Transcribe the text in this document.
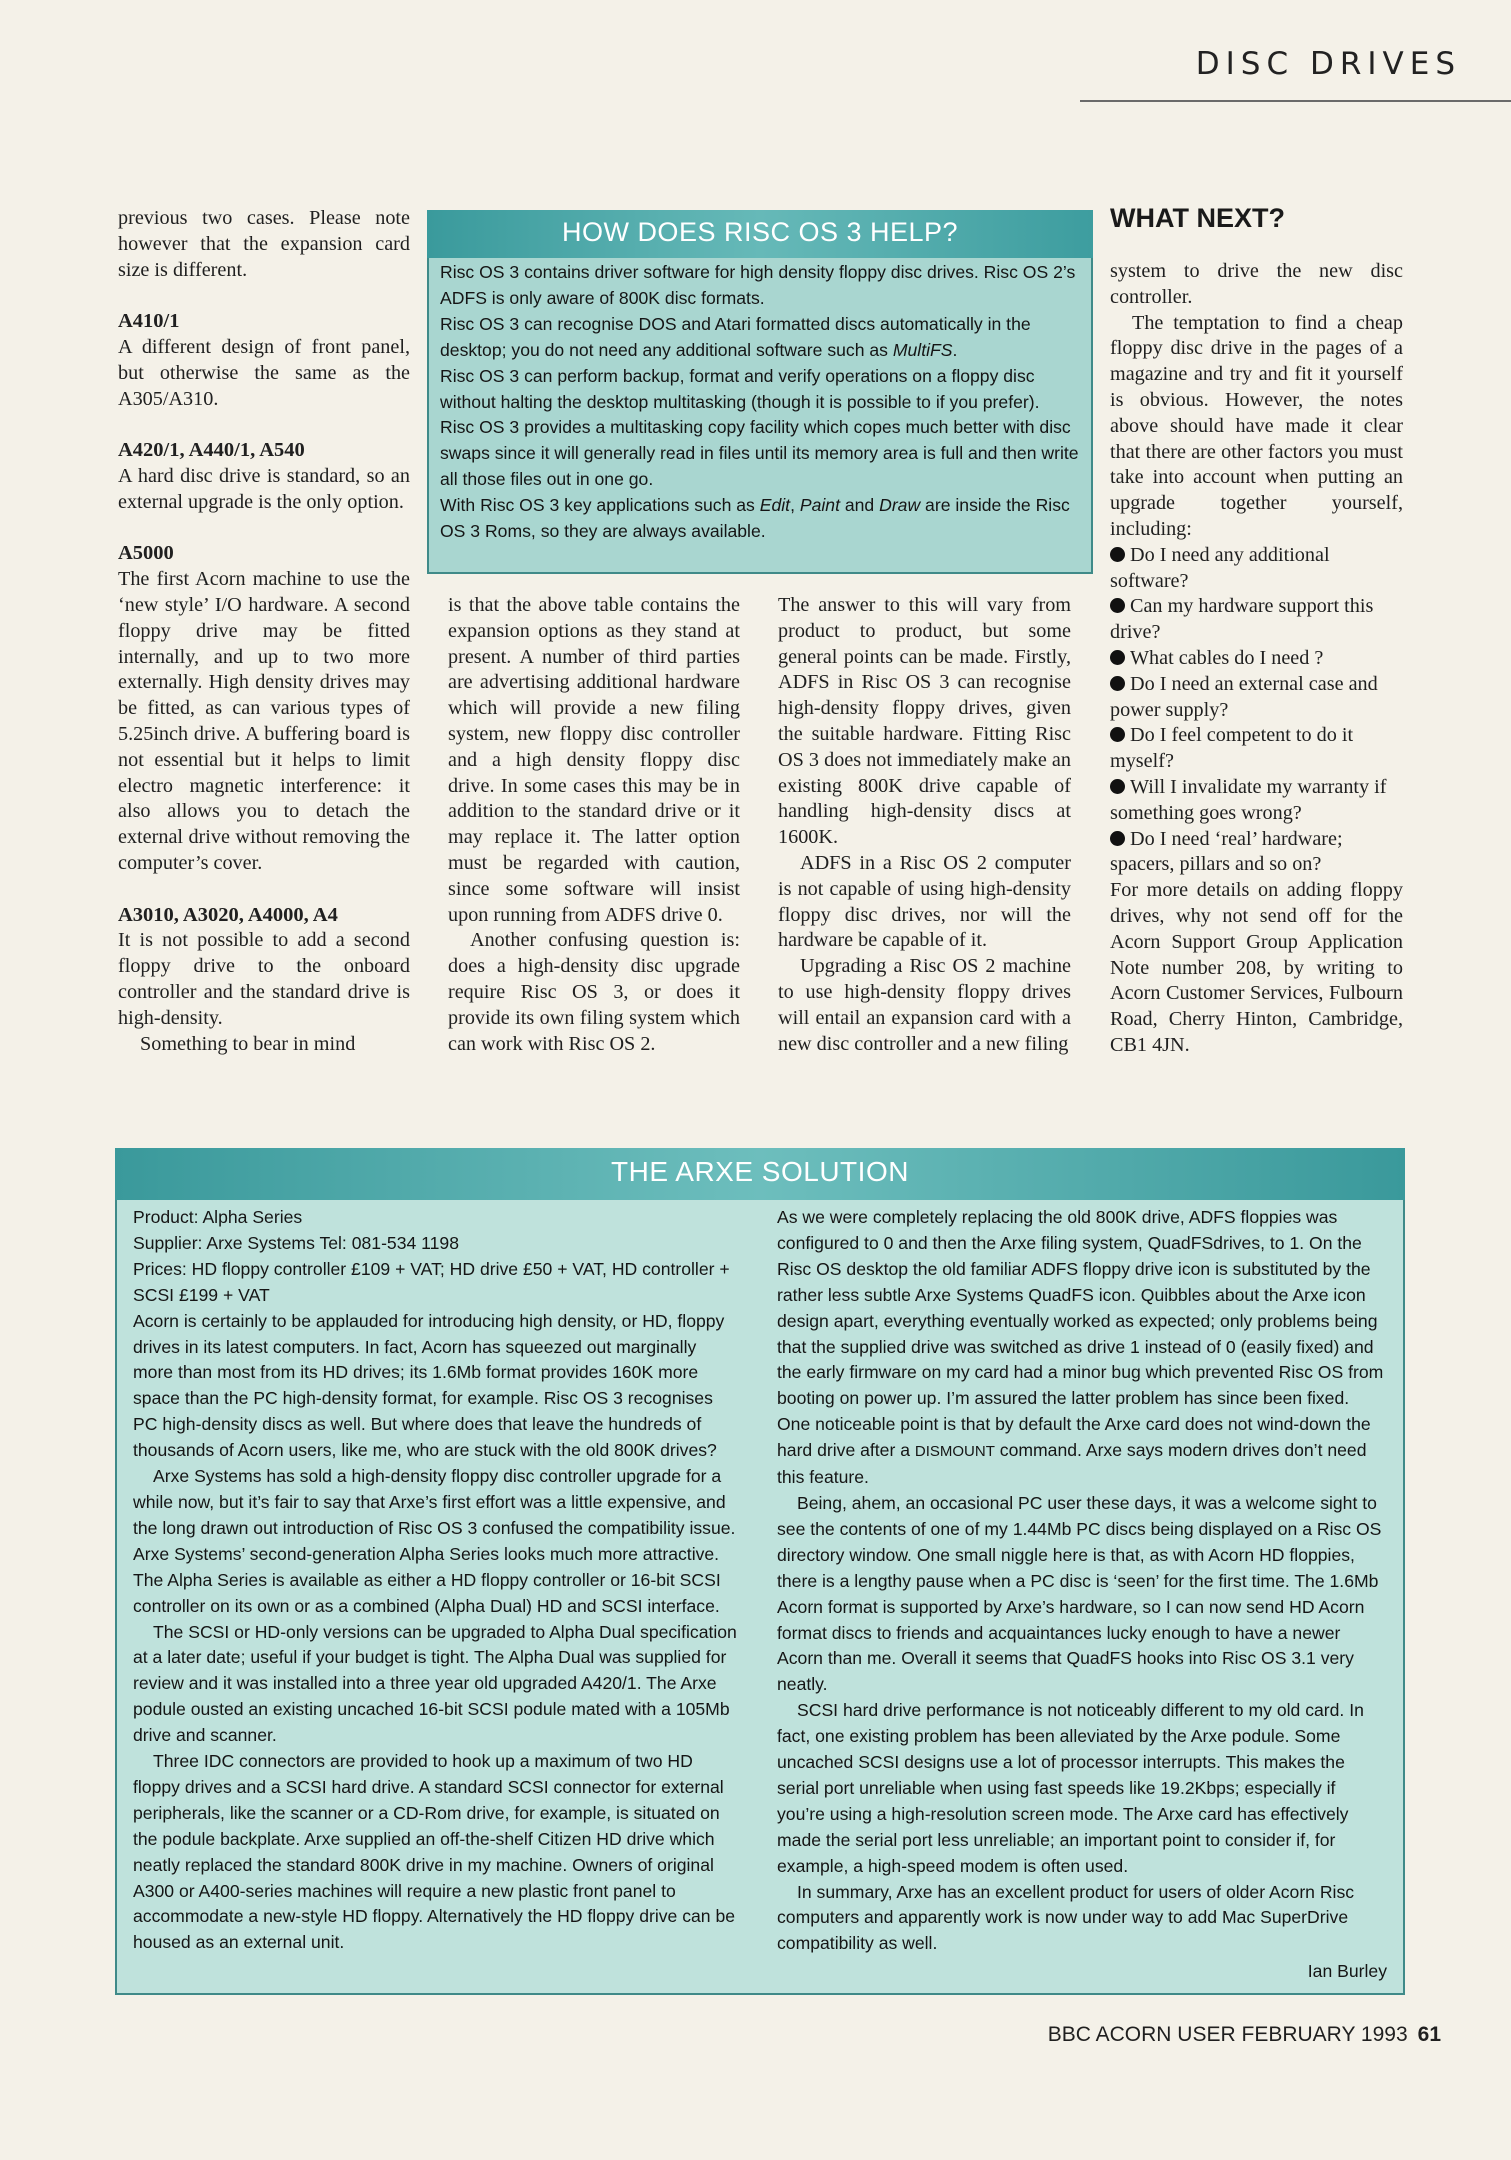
DISC DRIVES

previous two cases. Please note however that the expansion card size is different.

A410/1

A different design of front panel, but otherwise the same as the A305/A310.

A420/1, A440/1, A540

A hard disc drive is standard, so an external upgrade is the only option.

A5000

The first Acorn machine to use the ‘new style’ I/O hardware. A second floppy drive may be fitted internally, and up to two more externally. High density drives may be fitted, as can various types of 5.25inch drive. A buffering board is not essential but it helps to limit electro magnetic interference: it also allows you to detach the external drive without removing the computer’s cover.

A3010, A3020, A4000, A4

It is not possible to add a second floppy drive to the onboard controller and the standard drive is high-density.

Something to bear in mind

HOW DOES RISC OS 3 HELP?

Risc OS 3 contains driver software for high density floppy disc drives. Risc OS 2’s ADFS is only aware of 800K disc formats.

Risc OS 3 can recognise DOS and Atari formatted discs automatically in the desktop; you do not need any additional software such as MultiFS.

Risc OS 3 can perform backup, format and verify operations on a floppy disc without halting the desktop multitasking (though it is possible to if you prefer).

Risc OS 3 provides a multitasking copy facility which copes much better with disc swaps since it will generally read in files until its memory area is full and then write all those files out in one go.

With Risc OS 3 key applications such as Edit, Paint and Draw are inside the Risc OS 3 Roms, so they are always available.

is that the above table contains the expansion options as they stand at present. A number of third parties are advertising additional hardware which will provide a new filing system, new floppy disc controller and a high density floppy disc drive. In some cases this may be in addition to the standard drive or it may replace it. The latter option must be regarded with caution, since some software will insist upon running from ADFS drive 0.

Another confusing question is: does a high-density disc upgrade require Risc OS 3, or does it provide its own filing system which can work with Risc OS 2.

The answer to this will vary from product to product, but some general points can be made. Firstly, ADFS in Risc OS 3 can recognise high-density floppy drives, given the suitable hardware. Fitting Risc OS 3 does not immediately make an existing 800K drive capable of handling high-density discs at 1600K.

ADFS in a Risc OS 2 computer is not capable of using high-density floppy disc drives, nor will the hardware be capable of it.

Upgrading a Risc OS 2 machine to use high-density floppy drives will entail an expansion card with a new disc controller and a new filing

WHAT NEXT?

system to drive the new disc controller.

The temptation to find a cheap floppy disc drive in the pages of a magazine and try and fit it yourself is obvious. However, the notes above should have made it clear that there are other factors you must take into account when putting an upgrade together yourself, including:

Do I need any additional software?

Can my hardware support this drive?

What cables do I need ?

Do I need an external case and power supply?

Do I feel competent to do it myself?

Will I invalidate my warranty if something goes wrong?

Do I need ‘real’ hardware; spacers, pillars and so on?

For more details on adding floppy drives, why not send off for the Acorn Support Group Application Note number 208, by writing to Acorn Customer Services, Fulbourn Road, Cherry Hinton, Cambridge, CB1 4JN.

THE ARXE SOLUTION

Product: Alpha Series

Supplier: Arxe Systems Tel: 081-534 1198

Prices: HD floppy controller £109 + VAT; HD drive £50 + VAT, HD controller + SCSI £199 + VAT

Acorn is certainly to be applauded for introducing high density, or HD, floppy drives in its latest computers. In fact, Acorn has squeezed out marginally more than most from its HD drives; its 1.6Mb format provides 160K more space than the PC high-density format, for example. Risc OS 3 recognises PC high-density discs as well. But where does that leave the hundreds of thousands of Acorn users, like me, who are stuck with the old 800K drives?

Arxe Systems has sold a high-density floppy disc controller upgrade for a while now, but it’s fair to say that Arxe’s first effort was a little expensive, and the long drawn out introduction of Risc OS 3 confused the compatibility issue. Arxe Systems’ second-generation Alpha Series looks much more attractive. The Alpha Series is available as either a HD floppy controller or 16-bit SCSI controller on its own or as a combined (Alpha Dual) HD and SCSI interface.

The SCSI or HD-only versions can be upgraded to Alpha Dual specification at a later date; useful if your budget is tight. The Alpha Dual was supplied for review and it was installed into a three year old upgraded A420/1. The Arxe podule ousted an existing uncached 16-bit SCSI podule mated with a 105Mb drive and scanner.

Three IDC connectors are provided to hook up a maximum of two HD floppy drives and a SCSI hard drive. A standard SCSI connector for external peripherals, like the scanner or a CD-Rom drive, for example, is situated on the podule backplate. Arxe supplied an off-the-shelf Citizen HD drive which neatly replaced the standard 800K drive in my machine. Owners of original A300 or A400-series machines will require a new plastic front panel to accommodate a new-style HD floppy. Alternatively the HD floppy drive can be housed as an external unit.

As we were completely replacing the old 800K drive, ADFS floppies was configured to 0 and then the Arxe filing system, QuadFSdrives, to 1. On the Risc OS desktop the old familiar ADFS floppy drive icon is substituted by the rather less subtle Arxe Systems QuadFS icon. Quibbles about the Arxe icon design apart, everything eventually worked as expected; only problems being that the supplied drive was switched as drive 1 instead of 0 (easily fixed) and the early firmware on my card had a minor bug which prevented Risc OS from booting on power up. I’m assured the latter problem has since been fixed. One noticeable point is that by default the Arxe card does not wind-down the hard drive after a DISMOUNT command. Arxe says modern drives don’t need this feature.

Being, ahem, an occasional PC user these days, it was a welcome sight to see the contents of one of my 1.44Mb PC discs being displayed on a Risc OS directory window. One small niggle here is that, as with Acorn HD floppies, there is a lengthy pause when a PC disc is ‘seen’ for the first time. The 1.6Mb Acorn format is supported by Arxe’s hardware, so I can now send HD Acorn format discs to friends and acquaintances lucky enough to have a newer Acorn than me. Overall it seems that QuadFS hooks into Risc OS 3.1 very neatly.

SCSI hard drive performance is not noticeably different to my old card. In fact, one existing problem has been alleviated by the Arxe podule. Some uncached SCSI designs use a lot of processor interrupts. This makes the serial port unreliable when using fast speeds like 19.2Kbps; especially if you’re using a high-resolution screen mode. The Arxe card has effectively made the serial port less unreliable; an important point to consider if, for example, a high-speed modem is often used.

In summary, Arxe has an excellent product for users of older Acorn Risc computers and apparently work is now under way to add Mac SuperDrive compatibility as well.

Ian Burley

BBC ACORN USER FEBRUARY 1993 61
